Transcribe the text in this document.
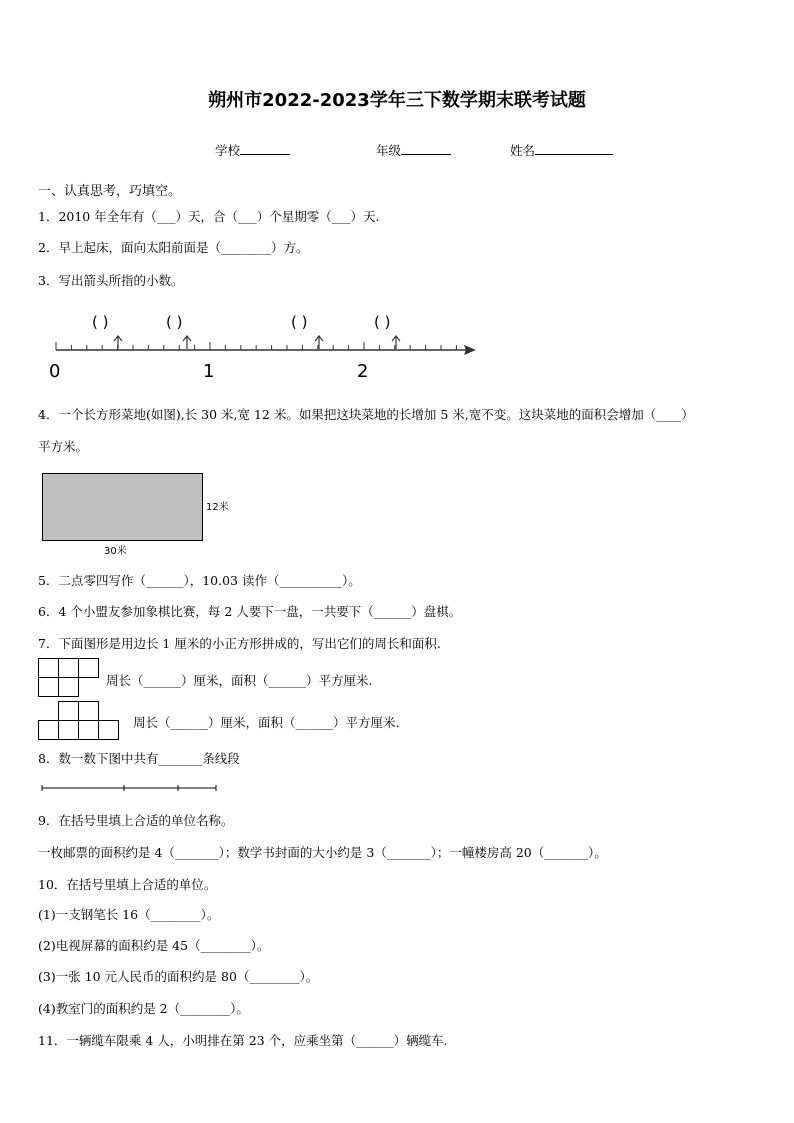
朔州市2022-2023学年三下数学期末联考试题
学校	年级	姓名
一、认真思考，巧填空。
1．2010 年全年有（___）天，合（___）个星期零（___）天.
2．早上起床，面向太阳前面是（________）方。
3．写出箭头所指的小数。
0	1	2
( )	( )	( )	( )
4．一个长方形菜地(如图),长 30 米,宽 12 米。如果把这块菜地的长增加 5 米,宽不变。这块菜地的面积会增加（____）
平方米。
12米
30米
5．二点零四写作（______），10.03 读作（__________）。
6．4 个小盟友参加象棋比赛，每 2 人要下一盘，一共要下（______）盘棋。
7．下面图形是用边长 1 厘米的小正方形拼成的，写出它们的周长和面积.
周长（______）厘米，面积（______）平方厘米.
周长（______）厘米，面积（______）平方厘米.
8．数一数下图中共有_______条线段
9．在括号里填上合适的单位名称。
一枚邮票的面积约是 4（_______）；数学书封面的大小约是 3（_______）；一幢楼房高 20（_______）。
10．在括号里填上合适的单位。
(1)一支钢笔长 16（________）。
(2)电视屏幕的面积约是 45（________）。
(3)一张 10 元人民币的面积约是 80（________）。
(4)教室门的面积约是 2（________）。
11．一辆缆车限乘 4 人，小明排在第 23 个，应乘坐第（______）辆缆车.
